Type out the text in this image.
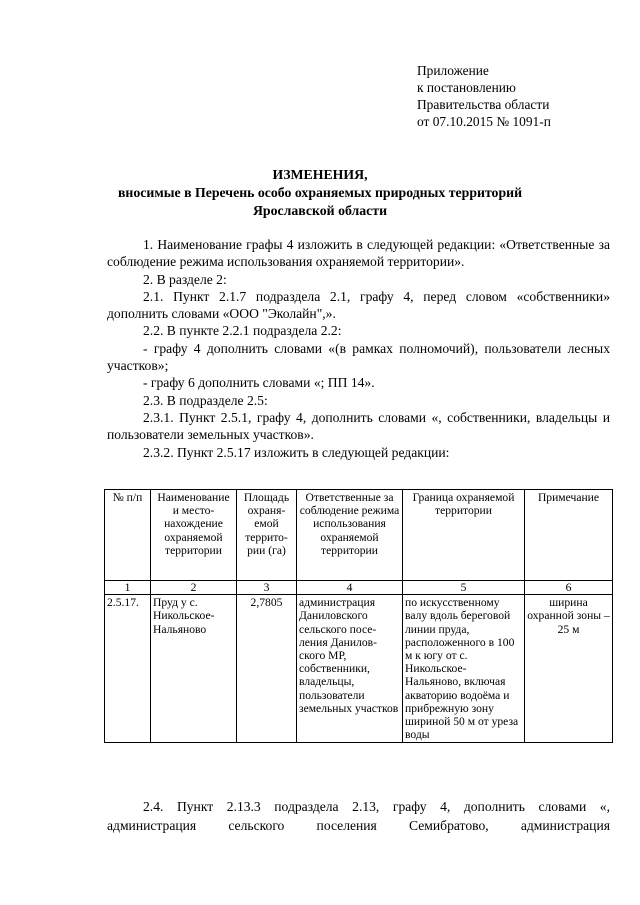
Приложение
к постановлению
Правительства области
от 07.10.2015 № 1091-п
ИЗМЕНЕНИЯ,
вносимые в Перечень особо охраняемых природных территорий
Ярославской области

1. Наименование графы 4 изложить в следующей редакции: «Ответственные за соблюдение режима использования охраняемой территории».

2. В разделе 2:

2.1. Пункт 2.1.7 подраздела 2.1, графу 4, перед словом «собственники» дополнить словами «ООО "Эколайн",».

2.2. В пункте 2.2.1 подраздела 2.2:

- графу 4 дополнить словами «(в рамках полномочий), пользователи лесных участков»;

- графу 6 дополнить словами «; ПП 14».

2.3. В подразделе 2.5:

2.3.1. Пункт 2.5.1, графу 4, дополнить словами «, собственники, владельцы и пользователи земельных участков».

2.3.2. Пункт 2.5.17 изложить в следующей редакции:

№ п/п	Наименование и место-нахождение охраняемой территории	Площадь охраня-емой террито-рии (га)	Ответственные за соблюдение режима использования охраняемой территории	Граница охраняемой территории	Примечание
1	2	3	4	5	6
2.5.17.	Пруд у с. Никольское-Нальяново	2,7805	администрация Даниловского сельского посе-ления Данилов-ского МР, собственники, владельцы, пользователи земельных участков	по искусственному валу вдоль береговой линии пруда, расположенного в 100 м к югу от с. Никольское-Нальяново, включая акваторию водоёма и прибрежную зону шириной 50 м от уреза воды	ширина охранной зоны – 25 м

2.4. Пункт 2.13.3 подраздела 2.13, графу 4, дополнить словами «, администрация сельского поселения Семибратово, администрация
